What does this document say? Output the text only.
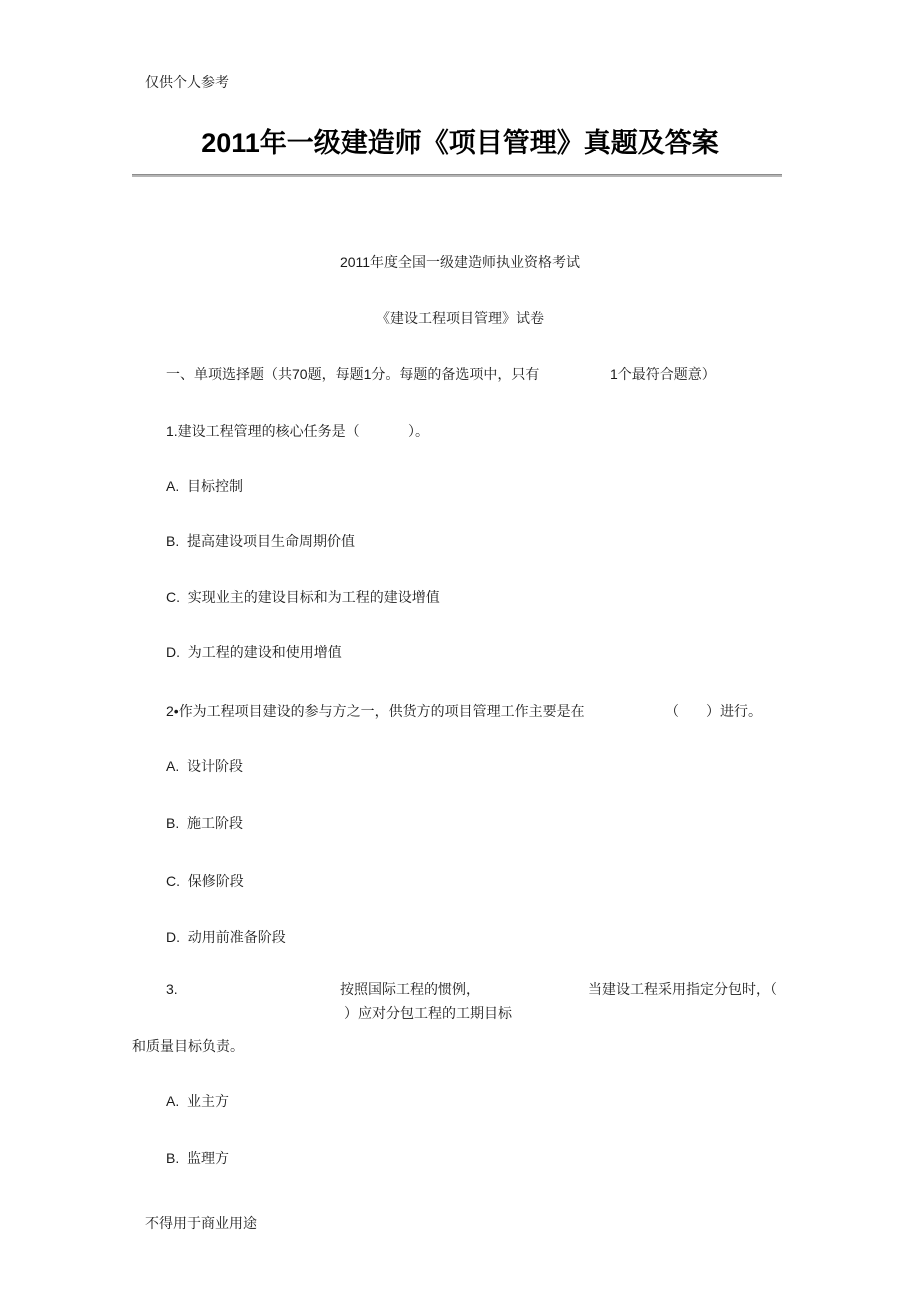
仅供个人参考
2011年一级建造师《项目管理》真题及答案
2011年度全国一级建造师执业资格考试
《建设工程项目管理》试卷
一、单项选择题（共70题，每题1分。每题的备选项中，只有	1个最符合题意）
1.建设工程管理的核心任务是（	）。
A.  目标控制
B.  提高建设项目生命周期价值
C.  实现业主的建设目标和为工程的建设增值
D.  为工程的建设和使用增值
2•作为工程项目建设的参与方之一，供货方的项目管理工作主要是在	（ ）进行。
A.  设计阶段
B.  施工阶段
C.  保修阶段
D.  动用前准备阶段
3.	按照国际工程的惯例，	当建设工程采用指定分包时，（
）应对分包工程的工期目标
和质量目标负责。
A.  业主方
B.  监理方
不得用于商业用途
